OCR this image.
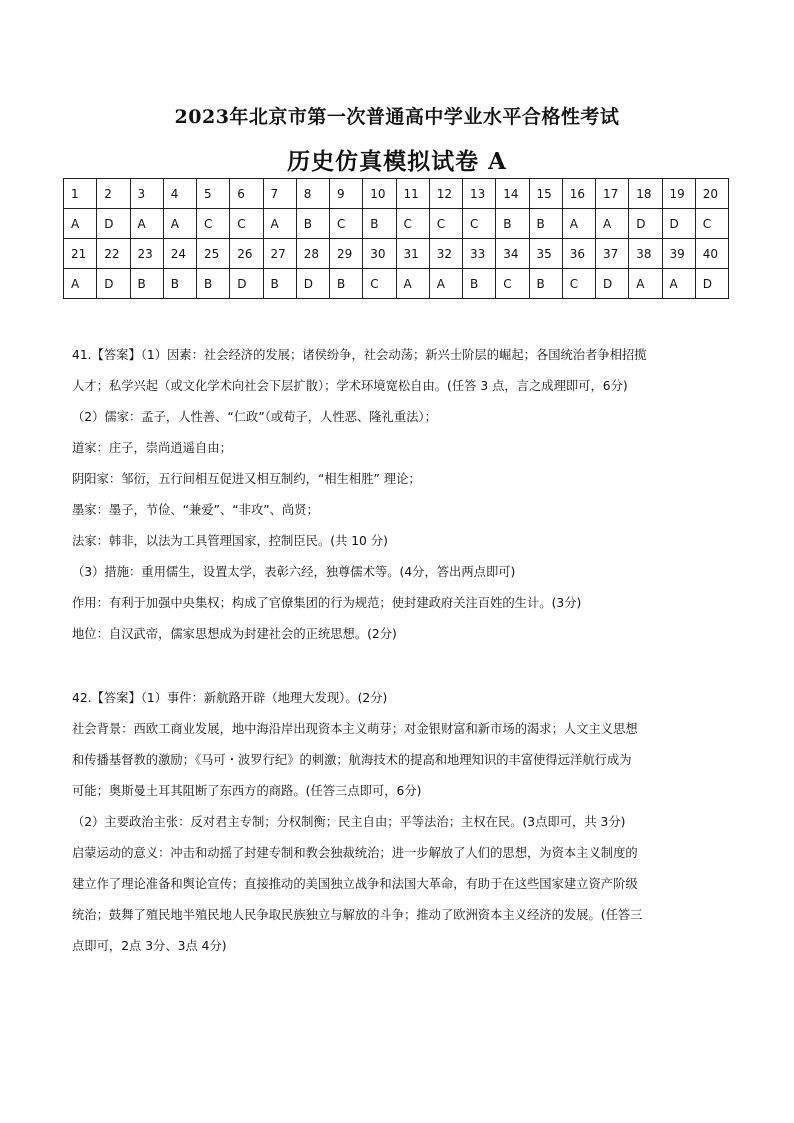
2023年北京市第一次普通高中学业水平合格性考试
历史仿真模拟试卷 A
1	2	3	4	5	6	7	8	9	10	11	12	13	14	15	16	17	18	19	20
A	D	A	A	C	C	A	B	C	B	C	C	C	B	B	A	A	D	D	C
21	22	23	24	25	26	27	28	29	30	31	32	33	34	35	36	37	38	39	40
A	D	B	B	B	D	B	D	B	C	A	A	B	C	B	C	D	A	A	D

41.【答案】（1）因素：社会经济的发展；诸侯纷争，社会动荡；新兴士阶层的崛起；各国统治者争相招揽

人才；私学兴起（或文化学术向社会下层扩散）；学术环境宽松自由。(任答 3 点，言之成理即可，6分)

（2）儒家：孟子，人性善、“仁政”（或荀子，人性恶、隆礼重法）；

道家：庄子，崇尚逍遥自由；

阴阳家：邹衍，五行间相互促进又相互制约，“相生相胜” 理论；

墨家：墨子，节俭、“兼爱”、“非攻”、尚贤；

法家：韩非，以法为工具管理国家，控制臣民。(共 10 分)

（3）措施：重用儒生，设置太学，表彰六经，独尊儒术等。(4分，答出两点即可)

作用：有利于加强中央集权；构成了官僚集团的行为规范；使封建政府关注百姓的生计。(3分)

地位：自汉武帝，儒家思想成为封建社会的正统思想。(2分)

42.【答案】（1）事件：新航路开辟（地理大发现）。(2分)

社会背景：西欧工商业发展，地中海沿岸出现资本主义萌芽；对金银财富和新市场的渴求；人文主义思想

和传播基督教的激励；《马可・波罗行纪》的刺激；航海技术的提高和地理知识的丰富使得远洋航行成为

可能；奥斯曼土耳其阻断了东西方的商路。(任答三点即可，6分)

（2）主要政治主张：反对君主专制；分权制衡；民主自由；平等法治；主权在民。(3点即可，共 3分)

启蒙运动的意义：冲击和动摇了封建专制和教会独裁统治；进一步解放了人们的思想，为资本主义制度的

建立作了理论准备和舆论宣传；直接推动的美国独立战争和法国大革命，有助于在这些国家建立资产阶级

统治；鼓舞了殖民地半殖民地人民争取民族独立与解放的斗争；推动了欧洲资本主义经济的发展。(任答三

点即可，2点 3分、3点 4分)
